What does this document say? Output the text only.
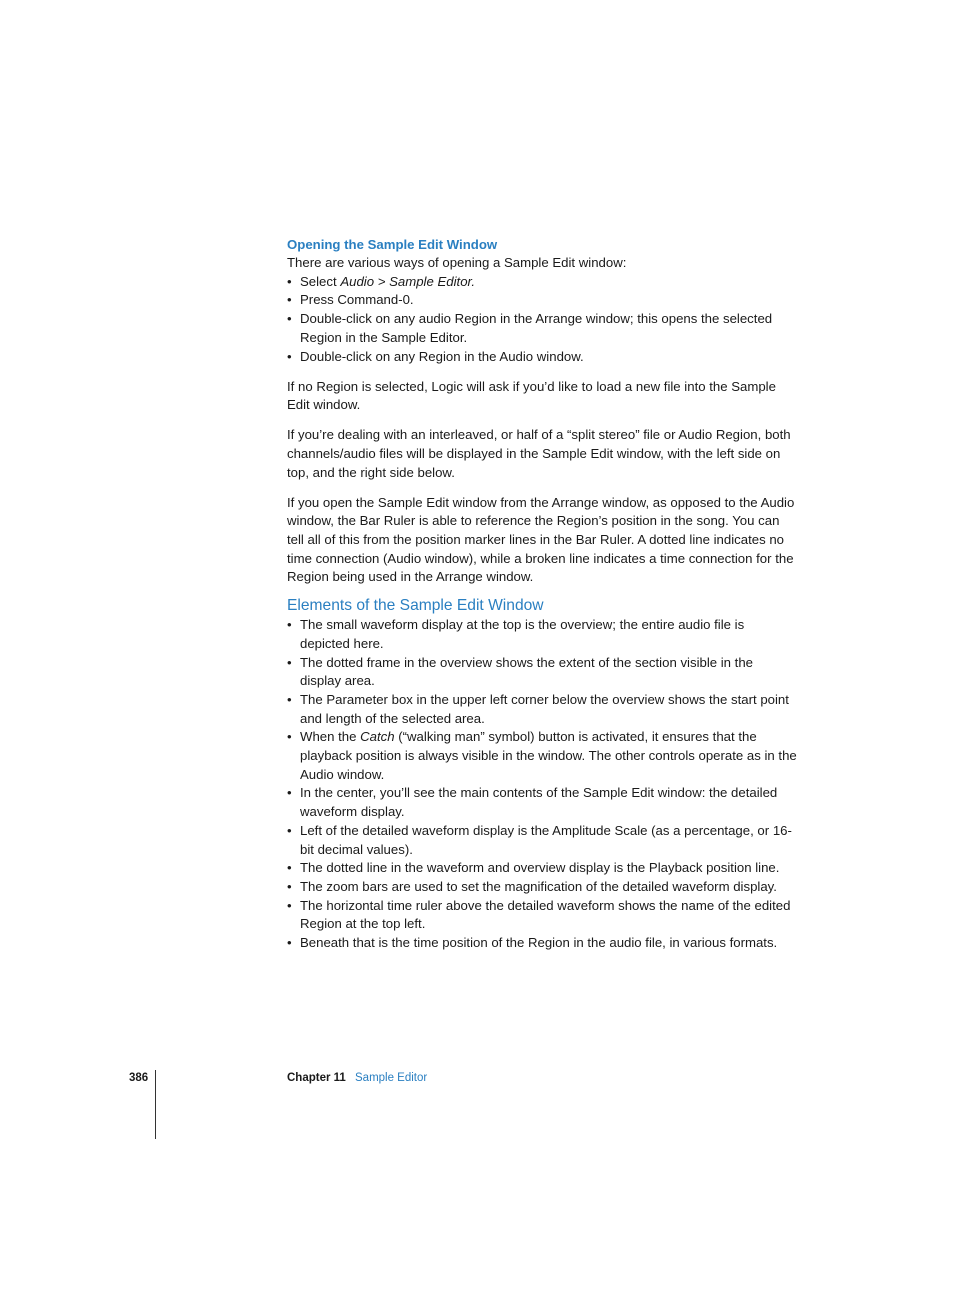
Opening the Sample Edit Window

There are various ways of opening a Sample Edit window:

• Select Audio > Sample Editor.
• Press Command-0.
• Double-click on any audio Region in the Arrange window; this opens the selected Region in the Sample Editor.
• Double-click on any Region in the Audio window.

If no Region is selected, Logic will ask if you’d like to load a new file into the Sample Edit window.

If you’re dealing with an interleaved, or half of a “split stereo” file or Audio Region, both channels/audio files will be displayed in the Sample Edit window, with the left side on top, and the right side below.

If you open the Sample Edit window from the Arrange window, as opposed to the Audio window, the Bar Ruler is able to reference the Region’s position in the song. You can tell all of this from the position marker lines in the Bar Ruler. A dotted line indicates no time connection (Audio window), while a broken line indicates a time connection for the Region being used in the Arrange window.

Elements of the Sample Edit Window
• The small waveform display at the top is the overview; the entire audio file is depicted here.
• The dotted frame in the overview shows the extent of the section visible in the display area.
• The Parameter box in the upper left corner below the overview shows the start point and length of the selected area.
• When the Catch (“walking man” symbol) button is activated, it ensures that the playback position is always visible in the window. The other controls operate as in the Audio window.
• In the center, you’ll see the main contents of the Sample Edit window: the detailed waveform display.
• Left of the detailed waveform display is the Amplitude Scale (as a percentage, or 16-bit decimal values).
• The dotted line in the waveform and overview display is the Playback position line.
• The zoom bars are used to set the magnification of the detailed waveform display.
• The horizontal time ruler above the detailed waveform shows the name of the edited Region at the top left.
• Beneath that is the time position of the Region in the audio file, in various formats.
386	Chapter 11 Sample Editor
